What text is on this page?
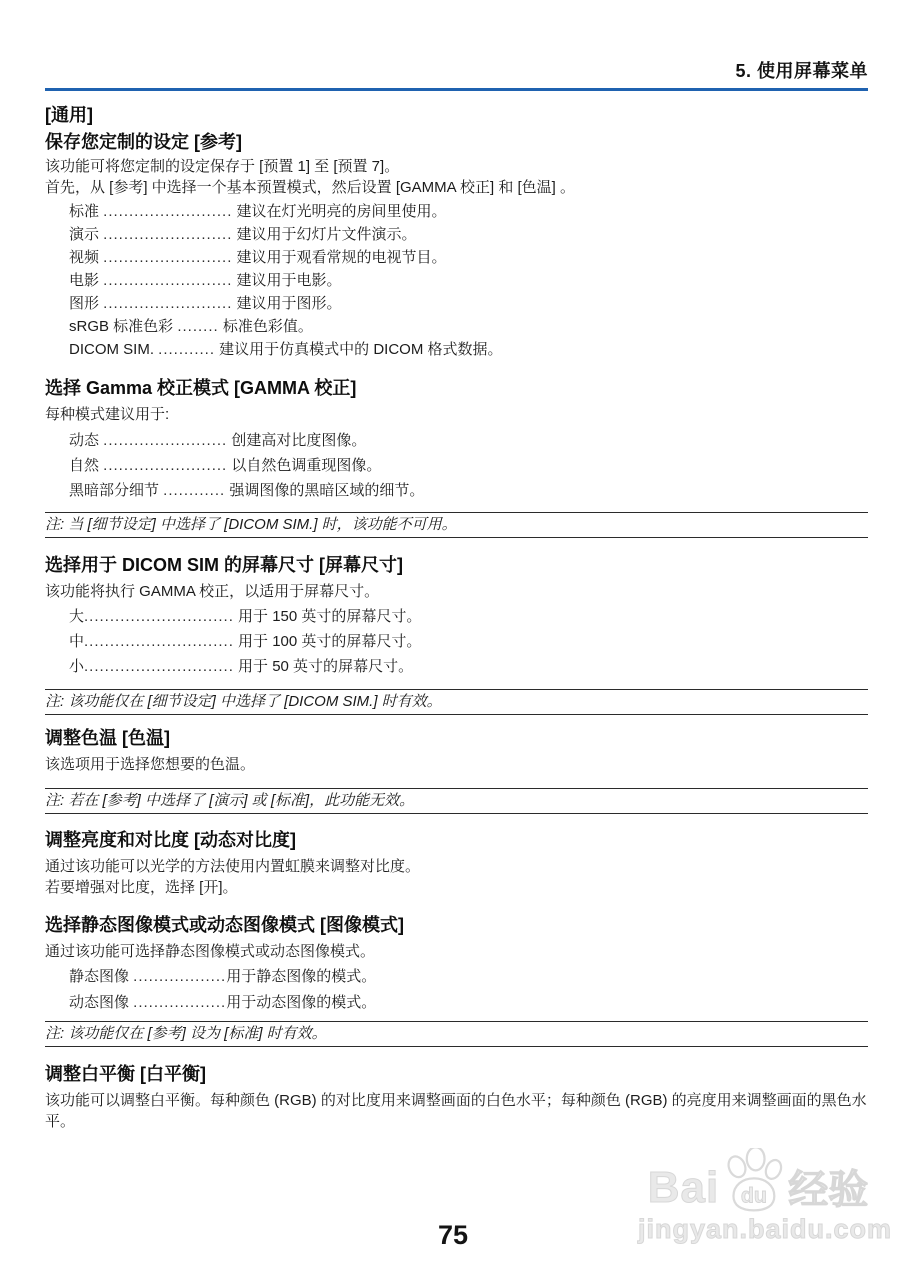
5. 使用屏幕菜单
[通用]
保存您定制的设定 [参考]

该功能可将您定制的设定保存于 [预置 1] 至 [预置 7]。

首先，从 [参考] 中选择一个基本预置模式，然后设置 [GAMMA 校正] 和 [色温] 。

标准 ......................... 建议在灯光明亮的房间里使用。
演示 ......................... 建议用于幻灯片文件演示。
视频 ......................... 建议用于观看常规的电视节目。
电影 ......................... 建议用于电影。
图形 ......................... 建议用于图形。
sRGB 标准色彩 ........ 标准色彩值。
DICOM SIM. ........... 建议用于仿真模式中的 DICOM 格式数据。
选择 Gamma 校正模式 [GAMMA 校正]

每种模式建议用于:

动态 ........................ 创建高对比度图像。
自然 ........................ 以自然色调重现图像。
黑暗部分细节 ............ 强调图像的黑暗区域的细节。
注: 当 [细节设定] 中选择了 [DICOM SIM.] 时，该功能不可用。
选择用于 DICOM SIM 的屏幕尺寸 [屏幕尺寸]

该功能将执行 GAMMA 校正，以适用于屏幕尺寸。

大............................. 用于 150 英寸的屏幕尺寸。
中............................. 用于 100 英寸的屏幕尺寸。
小............................. 用于 50 英寸的屏幕尺寸。
注: 该功能仅在 [细节设定] 中选择了 [DICOM SIM.] 时有效。
调整色温 [色温]

该选项用于选择您想要的色温。

注: 若在 [参考] 中选择了 [演示] 或 [标准]，此功能无效。
调整亮度和对比度 [动态对比度]

通过该功能可以光学的方法使用内置虹膜来调整对比度。

若要增强对比度，选择 [开]。

选择静态图像模式或动态图像模式 [图像模式]

通过该功能可选择静态图像模式或动态图像模式。

静态图像 ..................用于静态图像的模式。
动态图像 ..................用于动态图像的模式。
注: 该功能仅在 [参考] 设为 [标准] 时有效。
调整白平衡 [白平衡]

该功能可以调整白平衡。每种颜色 (RGB) 的对比度用来调整画面的白色水平；每种颜色 (RGB) 的亮度用来调整画面的黑色水平。

Bai du 经验
jingyan.baidu.com
75
